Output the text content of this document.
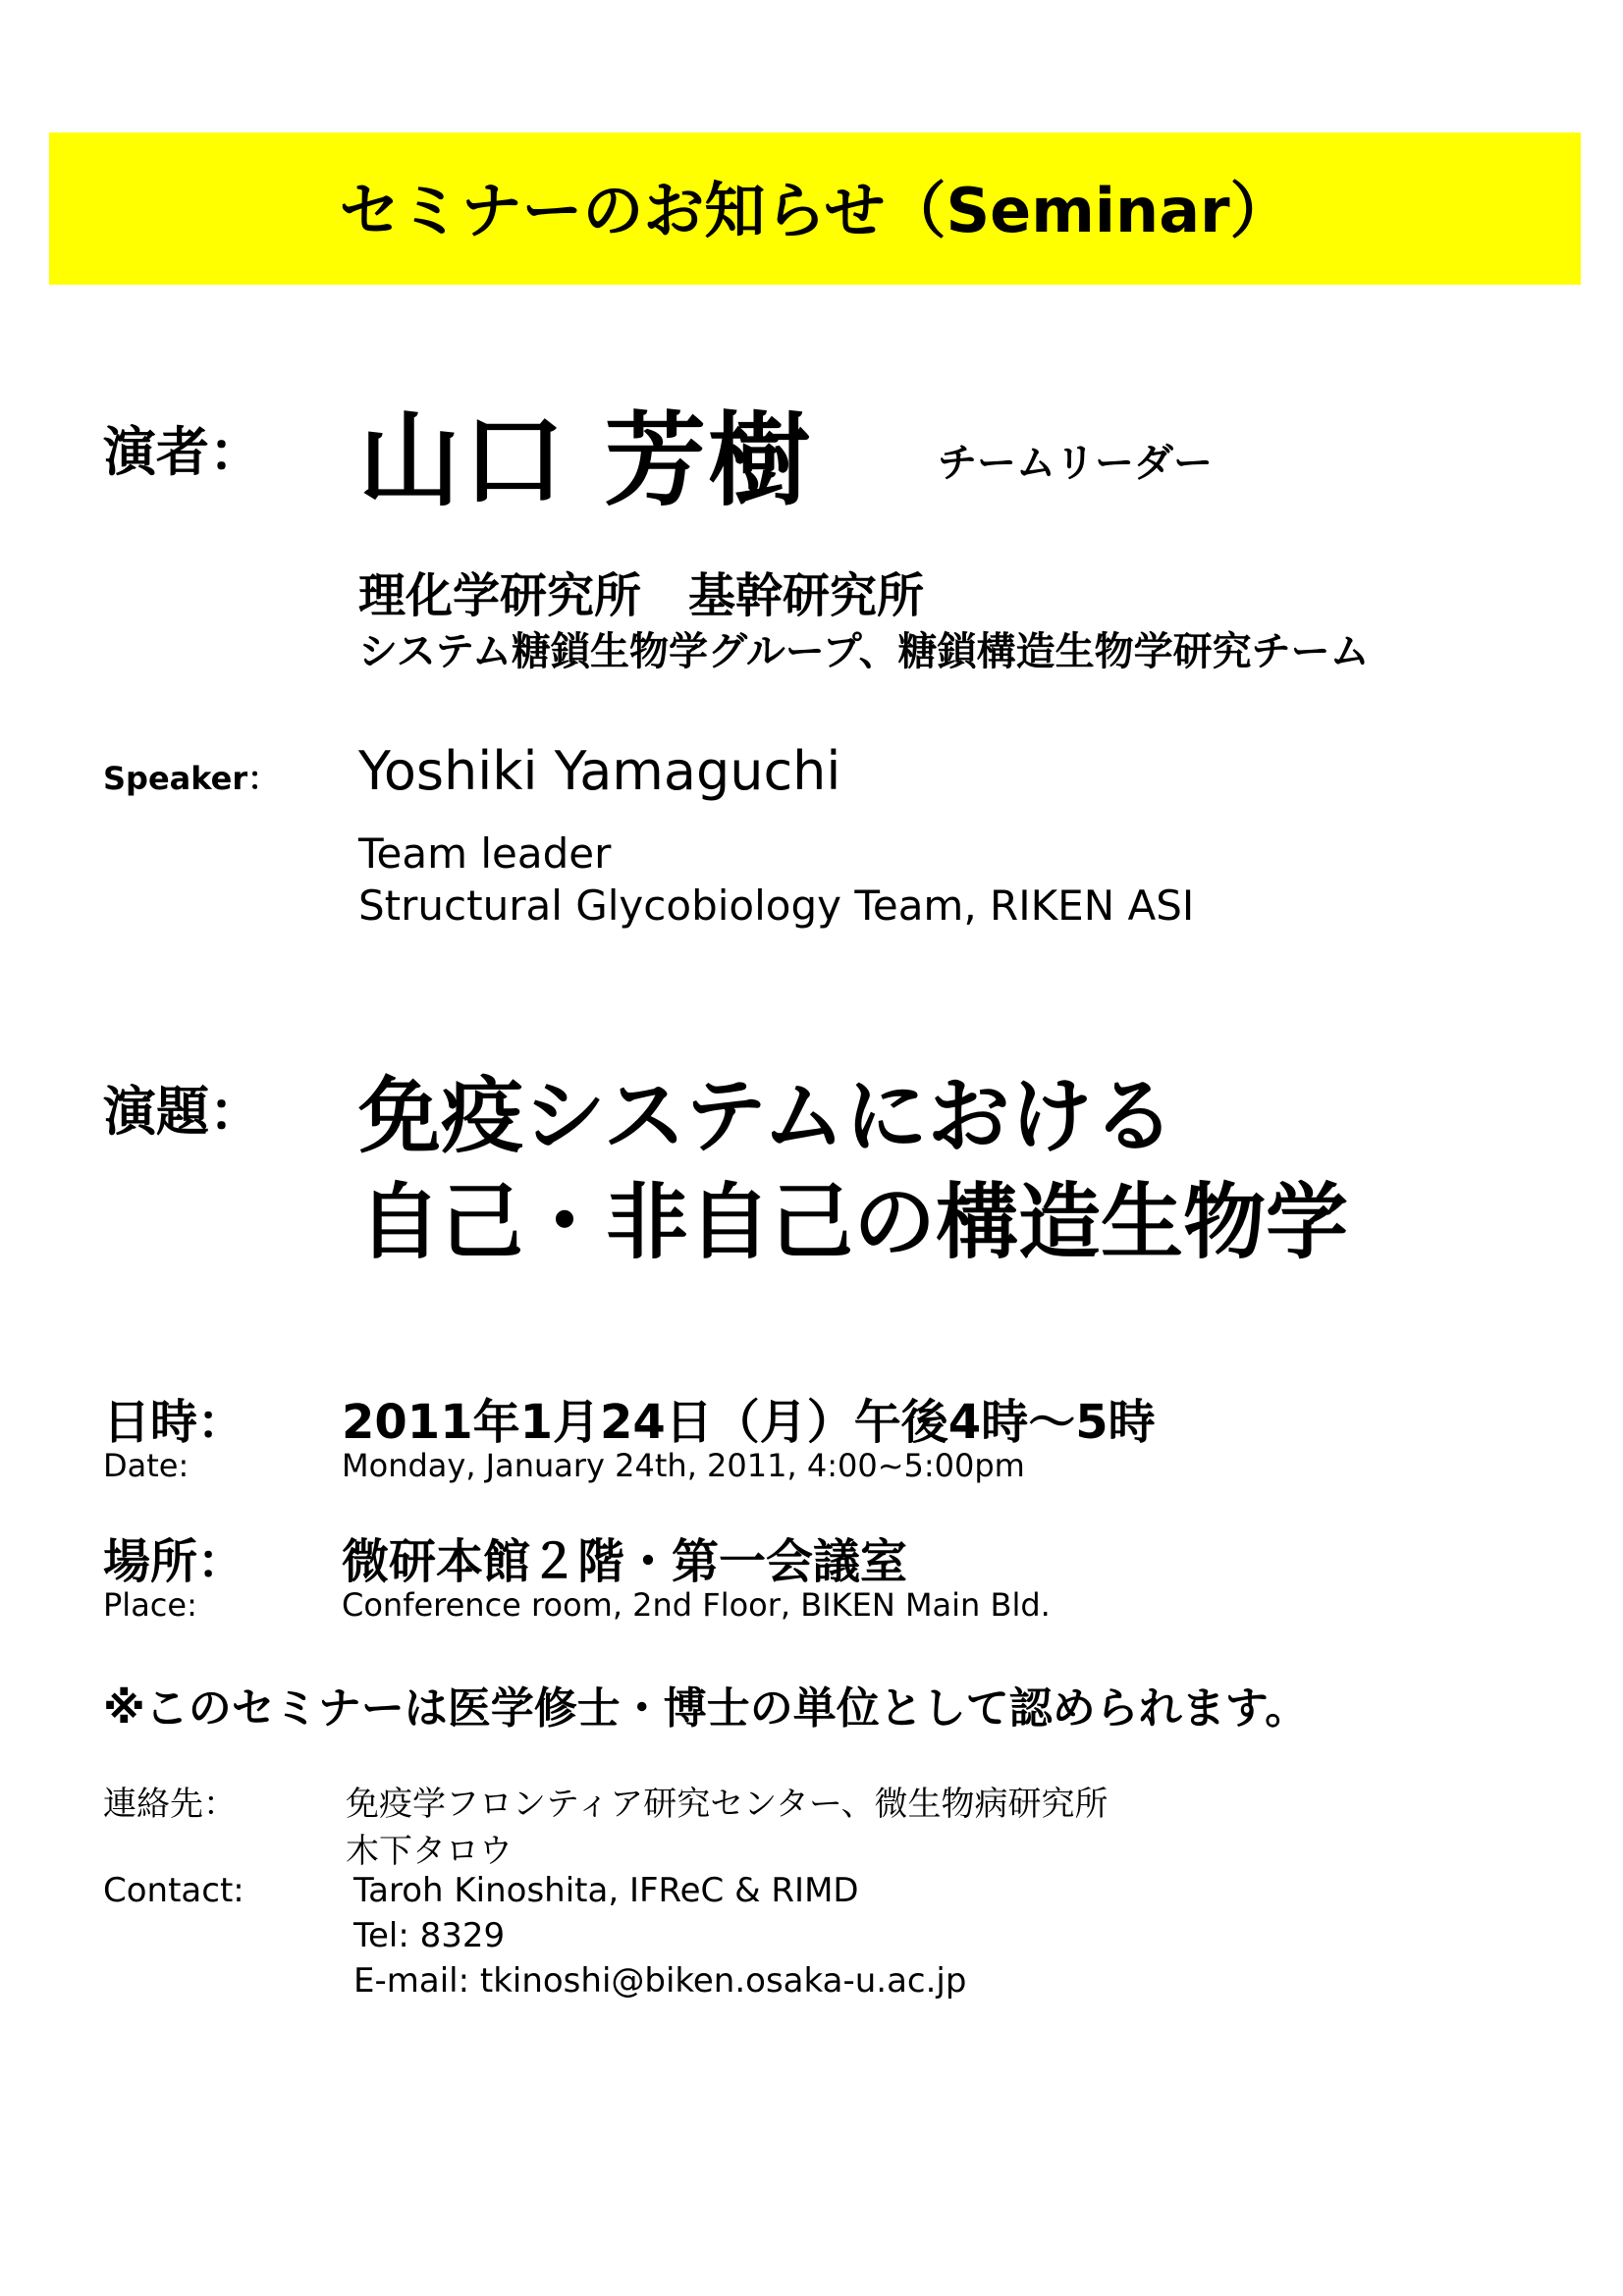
セミナーのお知らせ（Seminar）
演者： 山口 芳樹	チームリーダー
理化学研究所　基幹研究所
システム糖鎖生物学グループ、糖鎖構造生物学研究チーム
Speaker： Yoshiki Yamaguchi
Team leader
Structural Glycobiology Team, RIKEN ASI
演題： 免疫システムにおける
自己・非自己の構造生物学
日時： 2011年1月24日（月）午後4時～5時
Date:	Monday, January 24th, 2011, 4:00~5:00pm
場所： 微研本館２階・第一会議室
Place:	Conference room, 2nd Floor, BIKEN Main Bld.
※このセミナーは医学修士・博士の単位として認められます。
連絡先：	免疫学フロンティア研究センター、微生物病研究所
木下タロウ
Contact:	Taroh Kinoshita, IFReC & RIMD
Tel: 8329
E-mail: tkinoshi@biken.osaka-u.ac.jp
